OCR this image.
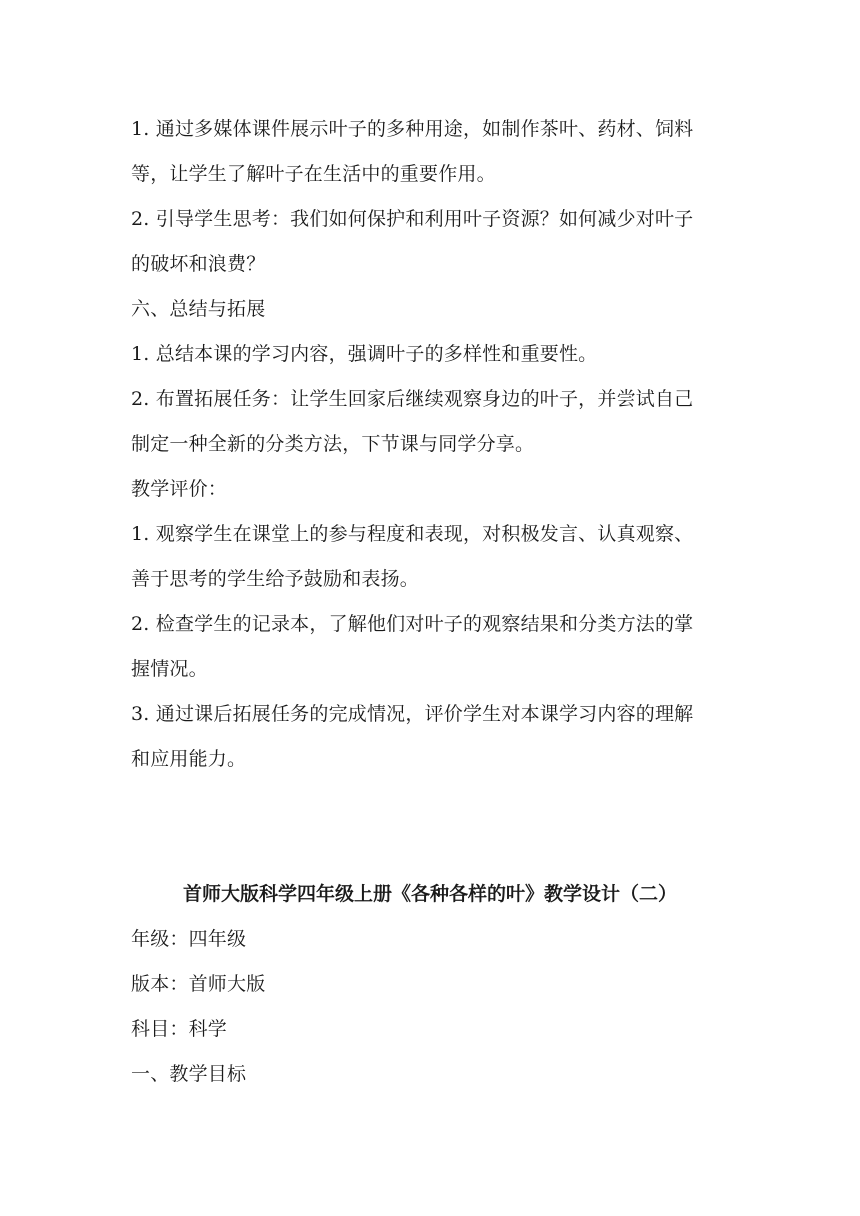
1. 通过多媒体课件展示叶子的多种用途，如制作茶叶、药材、饲料
等，让学生了解叶子在生活中的重要作用。
2. 引导学生思考：我们如何保护和利用叶子资源？如何减少对叶子
的破坏和浪费？
六、总结与拓展
1. 总结本课的学习内容，强调叶子的多样性和重要性。
2. 布置拓展任务：让学生回家后继续观察身边的叶子，并尝试自己
制定一种全新的分类方法，下节课与同学分享。
教学评价：
1. 观察学生在课堂上的参与程度和表现，对积极发言、认真观察、
善于思考的学生给予鼓励和表扬。
2. 检查学生的记录本，了解他们对叶子的观察结果和分类方法的掌
握情况。
3. 通过课后拓展任务的完成情况，评价学生对本课学习内容的理解
和应用能力。
首师大版科学四年级上册《各种各样的叶》教学设计（二）
年级：四年级
版本：首师大版
科目：科学
一、教学目标
